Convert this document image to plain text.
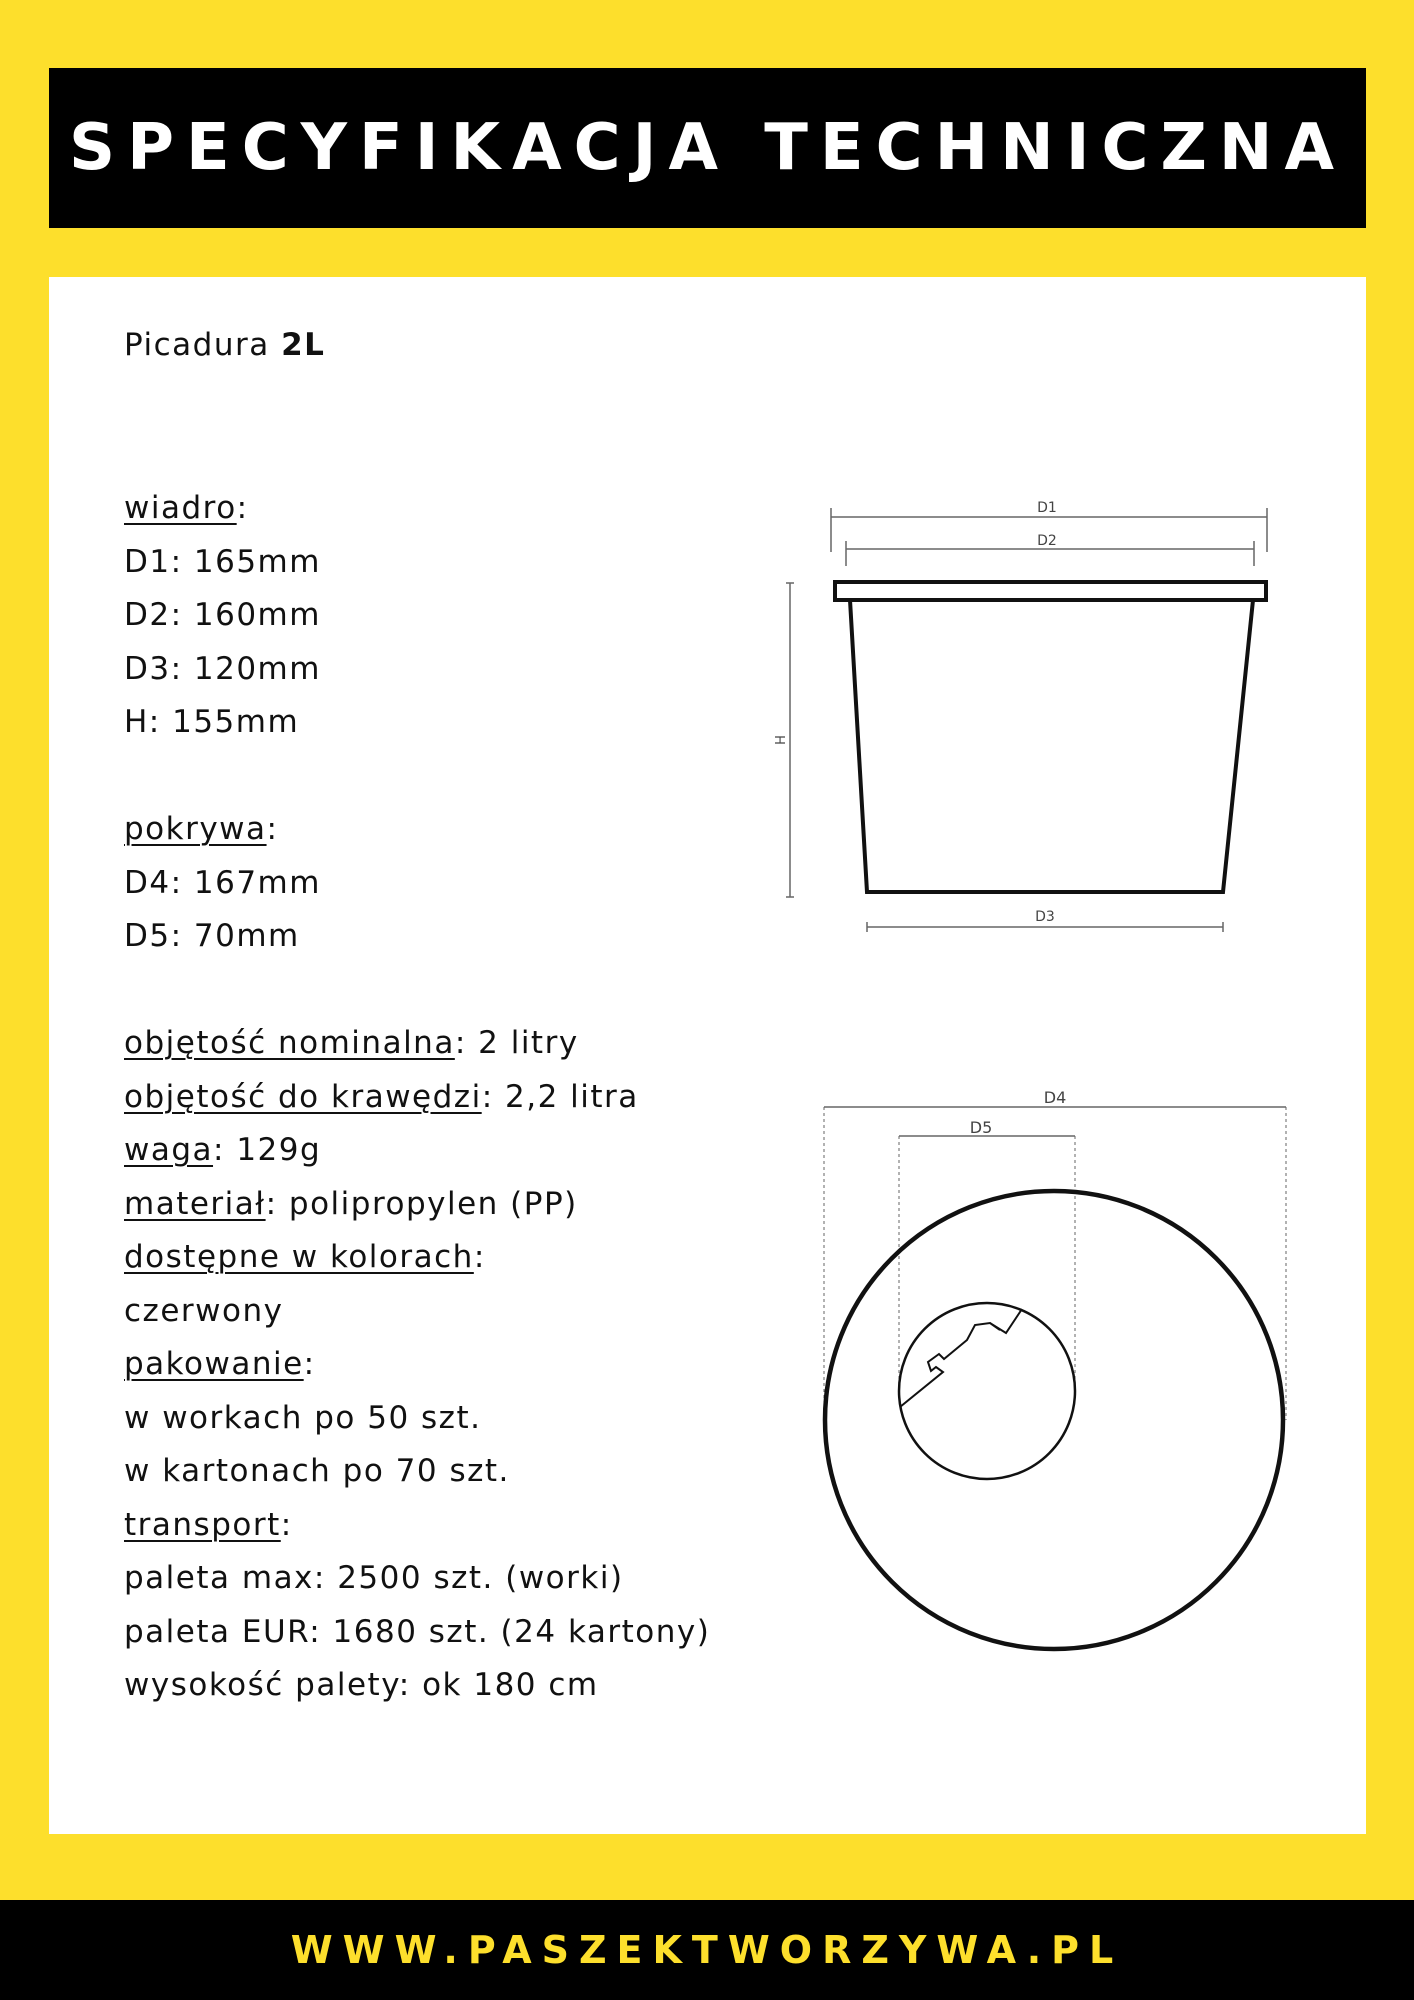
SPECYFIKACJA TECHNICZNA
Picadura 2L
wiadro:
D1: 165mm
D2: 160mm
D3: 120mm
H: 155mm
pokrywa:
D4: 167mm
D5: 70mm
objętość nominalna: 2 litry
objętość do krawędzi: 2,2 litra
waga: 129g
materiał: polipropylen (PP)
dostępne w kolorach:
czerwony
pakowanie:
w workach po 50 szt.
w kartonach po 70 szt.
transport:
paleta max: 2500 szt. (worki)
paleta EUR: 1680 szt. (24 kartony)
wysokość palety: ok 180 cm
D1
D2
H
D3
D4
D5
WWW.PASZEKTWORZYWA.PL
